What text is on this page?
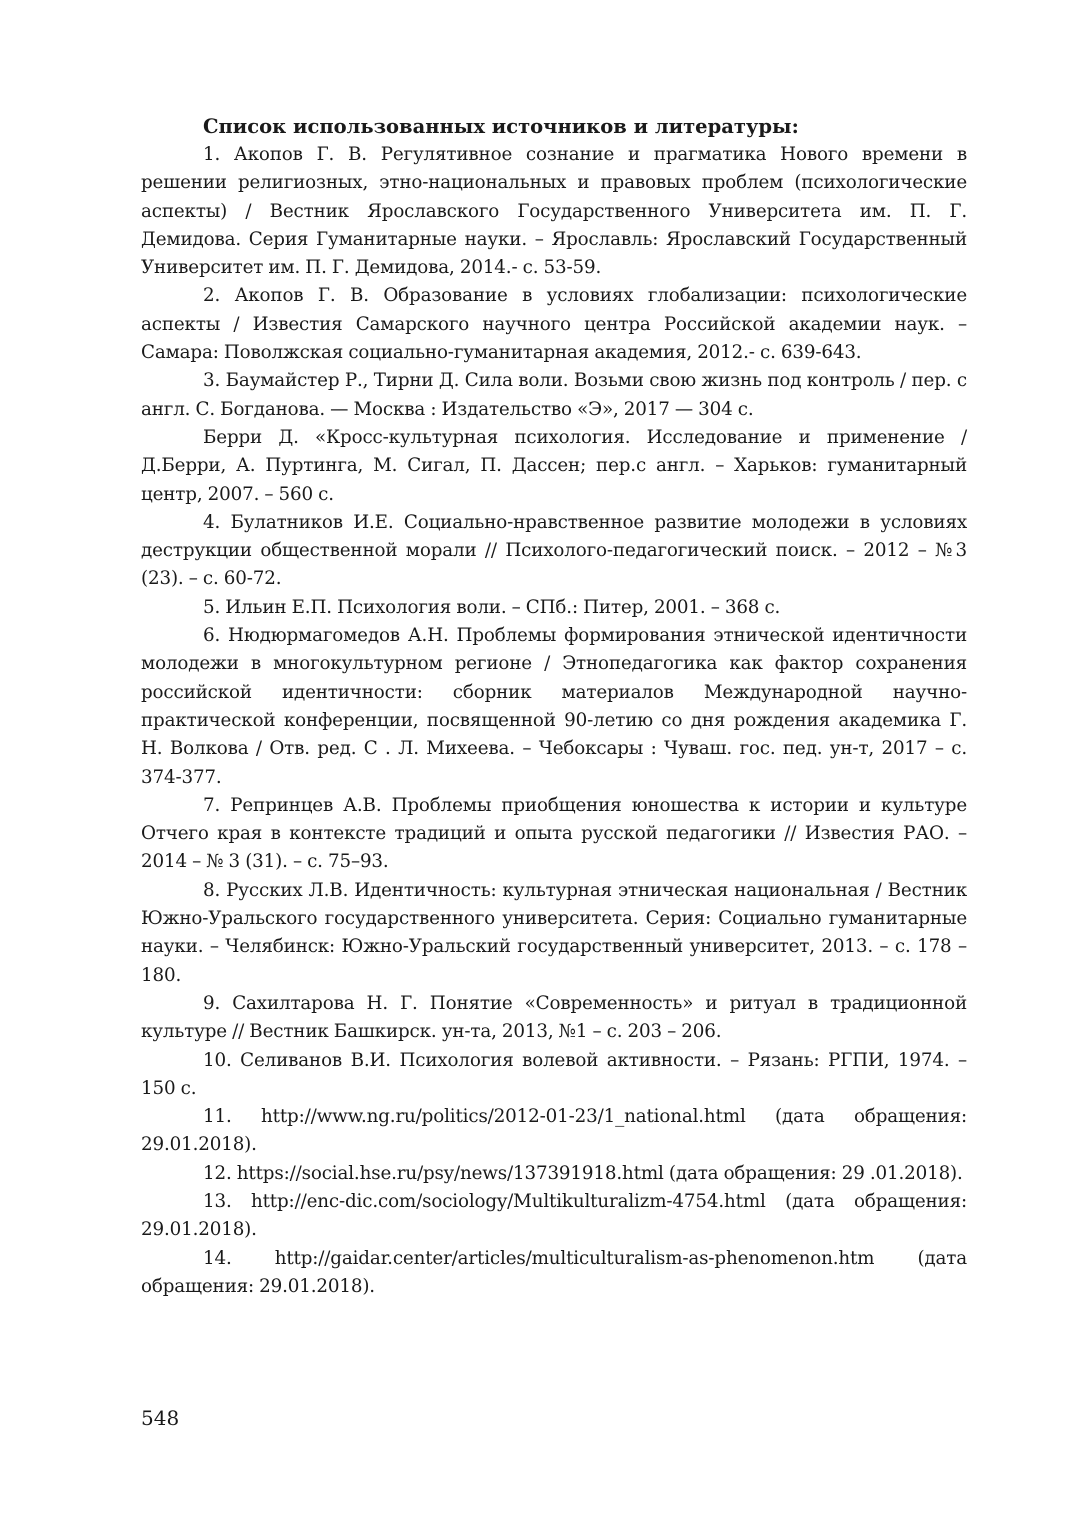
Список использованных источников и литературы:
1. Акопов Г. В. Регулятивное сознание и прагматика Нового времени в решении религиозных, этно-национальных и правовых проблем (психологические аспекты) / Вестник Ярославского Государственного Университета им. П. Г. Демидова. Серия Гуманитарные науки. – Ярославль: Ярославский Государственный Университет им. П. Г. Демидова, 2014.- с. 53-59.
2. Акопов Г. В. Образование в условиях глобализации: психологические аспекты / Известия Самарского научного центра Российской академии наук. – Самара: Поволжская социально-гуманитарная академия, 2012.- с. 639-643.
3. Баумайстер Р., Тирни Д. Сила воли. Возьми свою жизнь под контроль / пер. с англ. С. Богданова. — Москва : Издательство «Э», 2017 — 304 с.
Берри Д. «Кросс-культурная психология. Исследование и применение / Д.Берри, А. Пуртинга, М. Сигал, П. Дассен; пер.с англ. – Харьков: гуманитарный центр, 2007. – 560 с.
4. Булатников И.Е. Социально-нравственное развитие молодежи в условиях деструкции общественной морали // Психолого-педагогический поиск. – 2012 – №3 (23). – с. 60-72.
5. Ильин Е.П. Психология воли. – СПб.: Питер, 2001. – 368 с.
6. Нюдюрмагомедов А.Н. Проблемы формирования этнической идентичности молодежи в многокультурном регионе / Этнопедагогика как фактор сохранения российской идентичности: сборник материалов Международной научно-практической конференции, посвященной 90-летию со дня рождения академика Г. Н. Волкова / Отв. ред. С . Л. Михеева. – Чебоксары : Чуваш. гос. пед. ун-т, 2017 – с. 374-377.
7. Репринцев А.В. Проблемы приобщения юношества к истории и культуре Отчего края в контексте традиций и опыта русской педагогики // Известия РАО. – 2014 – № 3 (31). – с. 75–93.
8. Русских Л.В. Идентичность: культурная этническая национальная / Вестник Южно-Уральского государственного университета. Серия: Социально гуманитарные науки. – Челябинск: Южно-Уральский государственный университет, 2013. – с. 178 – 180.
9. Сахилтарова Н. Г. Понятие «Современность» и ритуал в традиционной культуре // Вестник Башкирск. ун-та, 2013, №1 – с. 203 – 206.
10. Селиванов В.И. Психология волевой активности. – Рязань: РГПИ, 1974. – 150 с.
11. http://www.ng.ru/politics/2012-01-23/1_national.html (дата обращения: 29.01.2018).
12. https://social.hse.ru/psy/news/137391918.html (дата обращения: 29 .01.2018).
13. http://enc-dic.com/sociology/Multikulturalizm-4754.html (дата обращения: 29.01.2018).
14. http://gaidar.center/articles/multiculturalism-as-phenomenon.htm (дата обращения: 29.01.2018).
548
